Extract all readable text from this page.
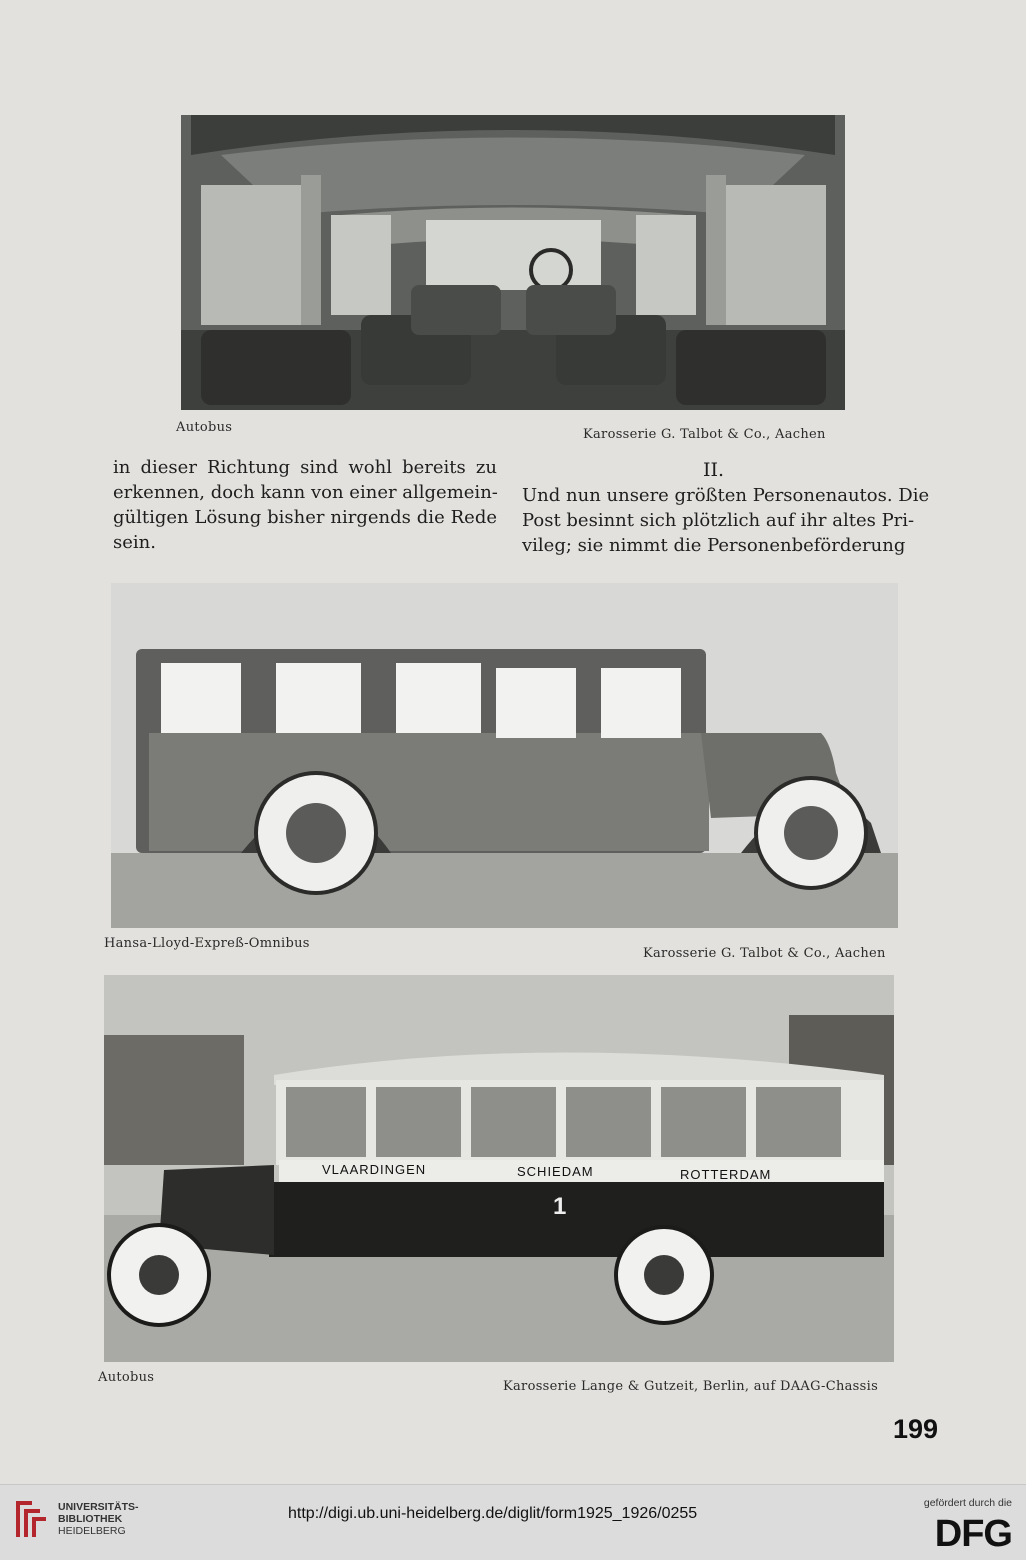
Autobus	Karosserie G. Talbot & Co., Aachen
in dieser Richtung sind wohl bereits zu
erkennen, doch kann von einer allgemein-
gültigen Lösung bisher nirgends die Rede
sein.
II.
Und nun unsere größten Personenautos. Die
Post besinnt sich plötzlich auf ihr altes Pri-
vileg; sie nimmt die Personenbeförderung
Hansa-Lloyd-Expreß-Omnibus
Karosserie G. Talbot & Co., Aachen
VLAARDINGEN	SCHIEDAM	ROTTERDAM
1
Autobus
Karosserie Lange & Gutzeit, Berlin, auf DAAG-Chassis
199
UNIVERSITÄTS-
BIBLIOTHEK
HEIDELBERG
http://digi.ub.uni-heidelberg.de/diglit/form1925_1926/0255
gefördert durch die
DFG
